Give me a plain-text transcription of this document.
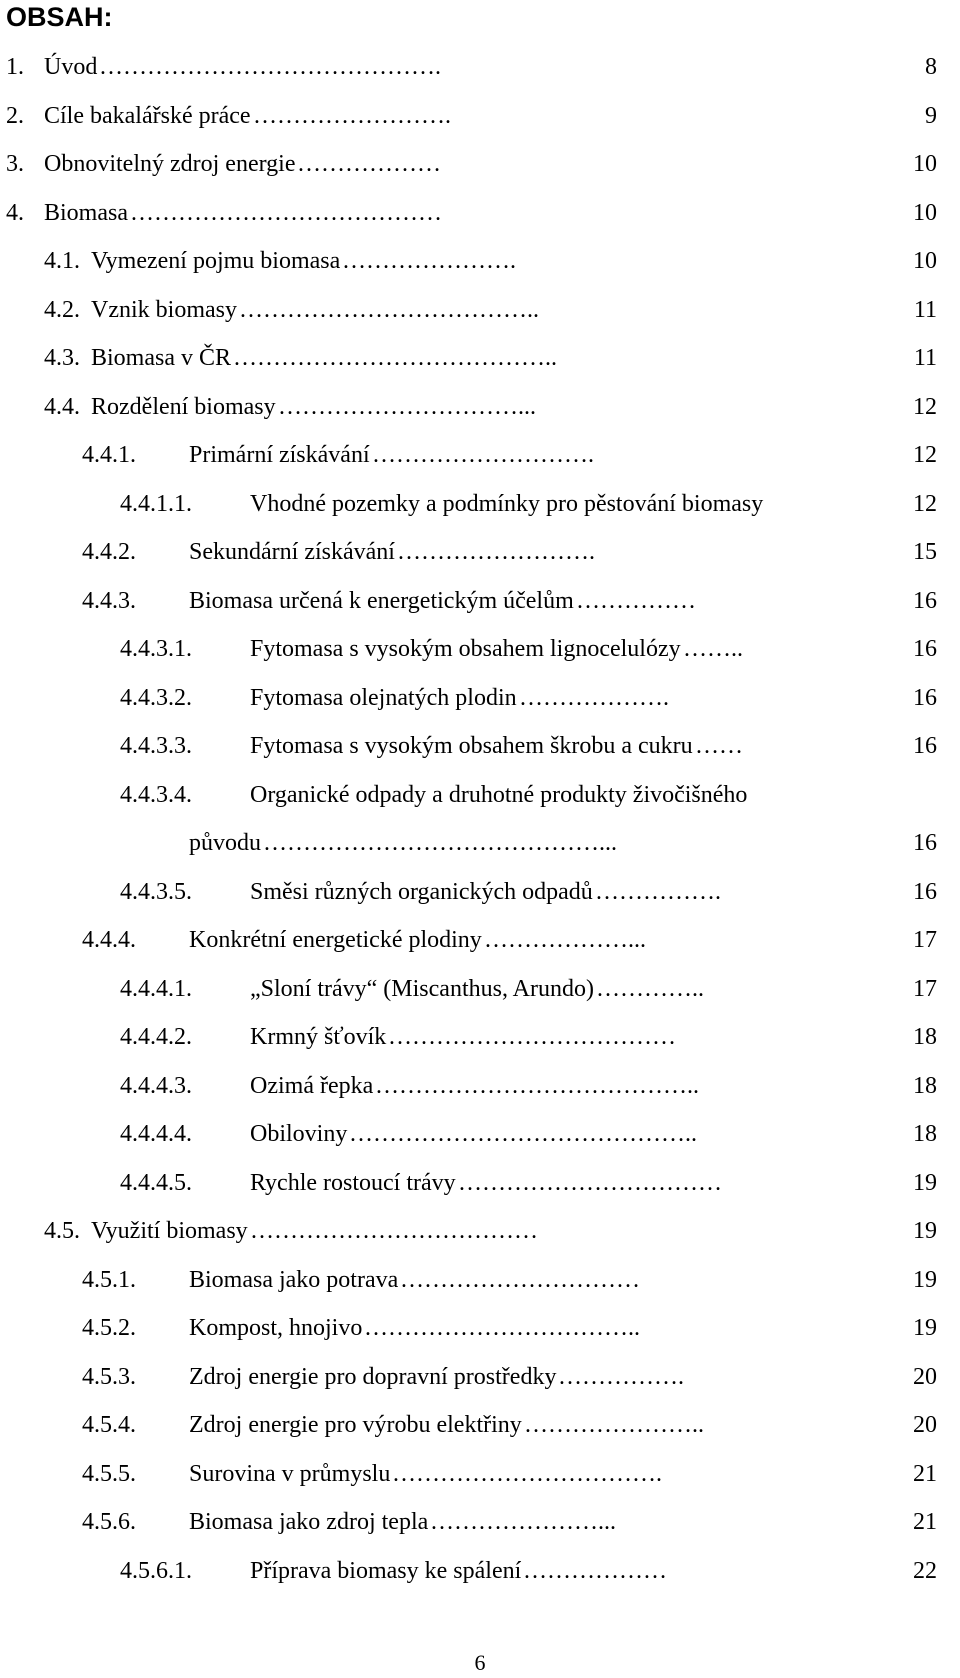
OBSAH:
1. Úvod …………………………………….	8
2. Cíle bakalářské práce …………………….	9
3. Obnovitelný zdroj energie ………………	10
4. Biomasa …………………………………	10
4.1. Vymezení pojmu biomasa ………………….	10
4.2. Vznik biomasy ………………………………..	11
4.3. Biomasa v ČR …………………………………..	11
4.4. Rozdělení biomasy …………………………...	12
4.4.1. Primární získávání ……………………….	12
4.4.1.1. Vhodné pozemky a podmínky pro pěstování biomasy	12
4.4.2. Sekundární získávání …………………….	15
4.4.3. Biomasa určená k energetickým účelům ……………	16
4.4.3.1. Fytomasa s vysokým obsahem lignocelulózy ……..	16
4.4.3.2. Fytomasa olejnatých plodin ……………….	16
4.4.3.3. Fytomasa s vysokým obsahem škrobu a cukru ……	16
4.4.3.4. Organické odpady a druhotné produkty živočišného
původu ……………………………………...	16
4.4.3.5. Směsi různých organických odpadů …………….	16
4.4.4. Konkrétní energetické plodiny ………………...	17
4.4.4.1. „Sloní trávy“ (Miscanthus, Arundo) …………..	17
4.4.4.2. Krmný šťovík ………………………………	18
4.4.4.3. Ozimá řepka …………………………………..	18
4.4.4.4. Obiloviny ……………………………………..	18
4.4.4.5. Rychle rostoucí trávy ……………………………	19
4.5. Využití biomasy ………………………………	19
4.5.1. Biomasa jako potrava …………………………	19
4.5.2. Kompost, hnojivo ……………………………..	19
4.5.3. Zdroj energie pro dopravní prostředky …………….	20
4.5.4. Zdroj energie pro výrobu elektřiny …………………..	20
4.5.5. Surovina v průmyslu …………………………….	21
4.5.6. Biomasa jako zdroj tepla …………………...	21
4.5.6.1. Příprava biomasy ke spálení ………………	22
6
